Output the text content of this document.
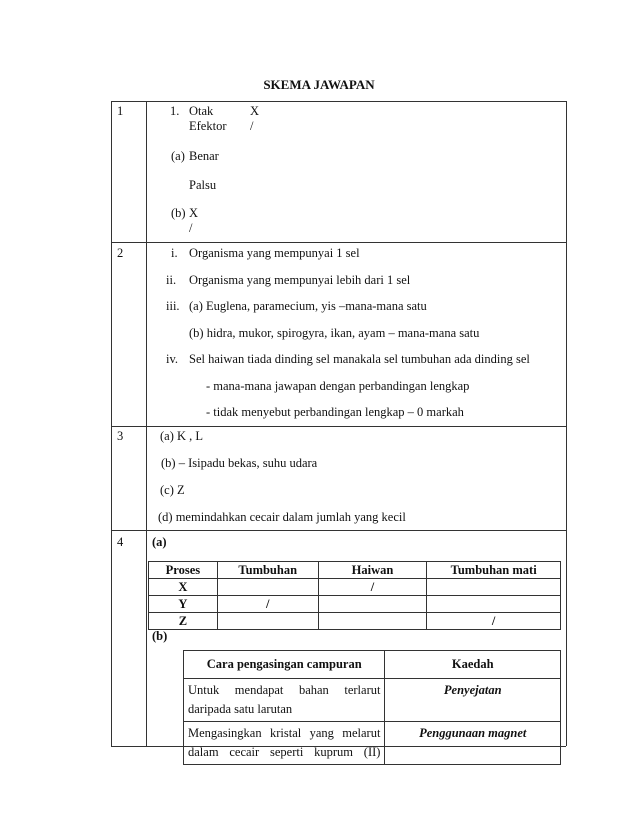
SKEMA JAWAPAN
1	1. Otak	X
Efektor /
(a) Benar
Palsu
(b) X
/
2	i. Organisma yang mempunyai 1 sel
ii. Organisma yang mempunyai lebih dari 1 sel
iii. (a) Euglena, paramecium, yis –mana-mana satu
(b) hidra, mukor, spirogyra, ikan, ayam – mana-mana satu
iv. Sel haiwan tiada dinding sel manakala sel tumbuhan ada dinding sel
- mana-mana jawapan dengan perbandingan lengkap
- tidak menyebut perbandingan lengkap – 0 markah
3	(a) K , L
(b) – Isipadu bekas, suhu udara
(c) Z
(d) memindahkan cecair dalam jumlah yang kecil
4 (a)
Proses	Tumbuhan	Haiwan	Tumbuhan mati
X		/	
Y	/		
Z			/
(b)
Cara pengasingan campuran	Kaedah

Untuk mendapat bahan terlarut
daripada satu larutan	Penyejatan

Mengasingkan kristal yang melarut
dalam cecair seperti kuprum (II)	Penggunaan magnet
